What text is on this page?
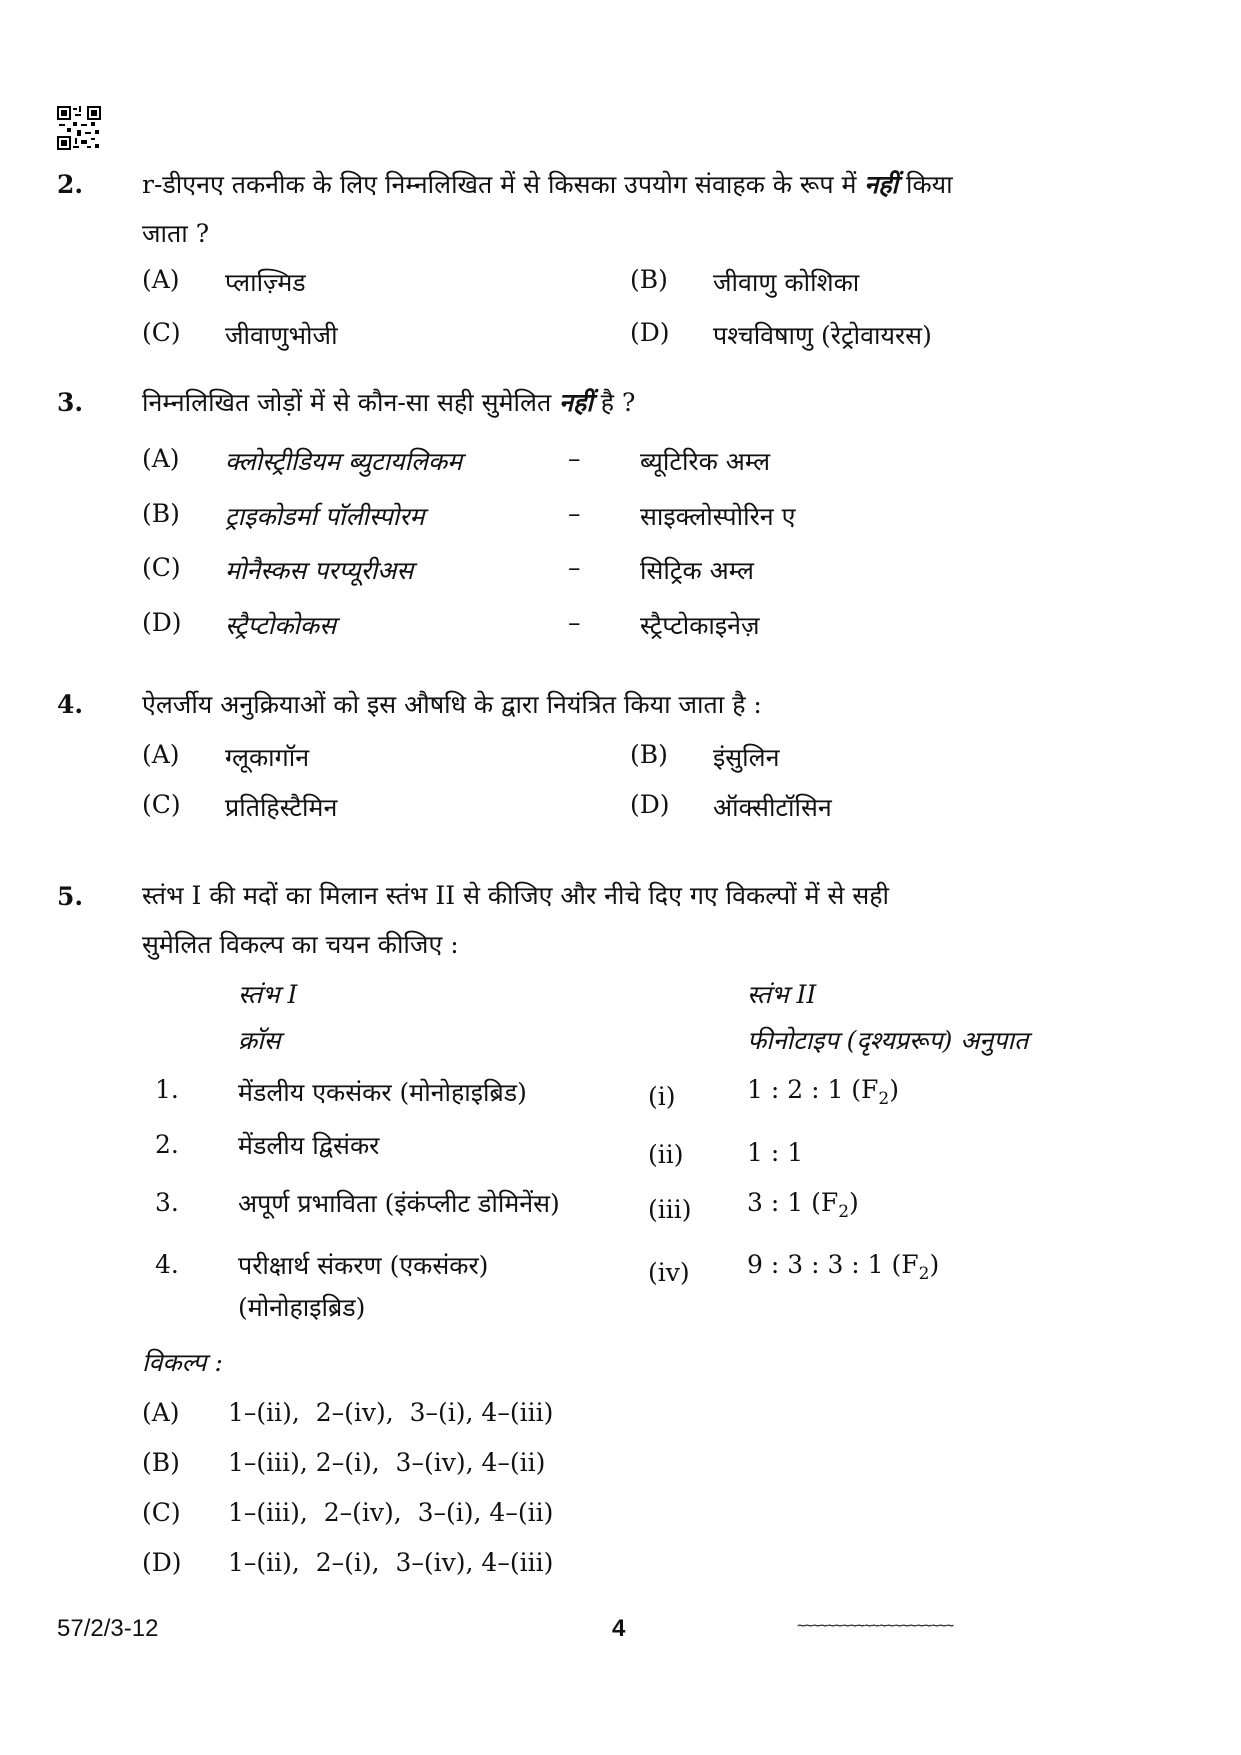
2. r-डीएनए तकनीक के लिए निम्नलिखित में से किसका उपयोग संवाहक के रूप में नहीं किया
जाता ?
(A) प्लाज़्मिड	(B) जीवाणु कोशिका
(C) जीवाणुभोजी	(D) पश्चविषाणु (रेट्रोवायरस)
3. निम्नलिखित जोड़ों में से कौन-सा सही सुमेलित नहीं है ?
(A) क्लोस्ट्रीडियम ब्युटायलिकम	– ब्यूटिरिक अम्ल
(B) ट्राइकोडर्मा पॉलीस्पोरम	– साइक्लोस्पोरिन ए
(C) मोनैस्कस परप्यूरीअस	– सिट्रिक अम्ल
(D) स्ट्रैप्टोकोकस	– स्ट्रैप्टोकाइनेज़
4. ऐलर्जीय अनुक्रियाओं को इस औषधि के द्वारा नियंत्रित किया जाता है :
(A) ग्लूकागॉन	(B) इंसुलिन
(C) प्रतिहिस्टैमिन	(D) ऑक्सीटॉसिन
5. स्तंभ I की मदों का मिलान स्तंभ II से कीजिए और नीचे दिए गए विकल्पों में से सही
सुमेलित विकल्प का चयन कीजिए :
स्तंभ I
क्रॉस
स्तंभ II
फीनोटाइप (दृश्यप्ररूप) अनुपात
1. मेंडलीय एकसंकर (मोनोहाइब्रिड)	(i)	1 : 2 : 1 $(F_2)$
2. मेंडलीय द्विसंकर	(ii)	1 : 1
3. अपूर्ण प्रभाविता (इंकंप्लीट डोमिनेंस)	(iii) 3 : 1 $(F_2)$
4. परीक्षार्थ संकरण (एकसंकर)
(मोनोहाइब्रिड)
(iv) 9 : 3 : 3 : 1 $(F_2)$
विकल्प :
(A) 1–(ii),  2–(iv),  3–(i), 4–(iii)
(B) 1–(iii), 2–(i),  3–(iv), 4–(ii)
(C) 1–(iii),  2–(iv),  3–(i), 4–(ii)
(D) 1–(ii),  2–(i),  3–(iv), 4–(iii)
57/2/3-12	4	~~~~~~~~~~~~~~~~~~~~~
